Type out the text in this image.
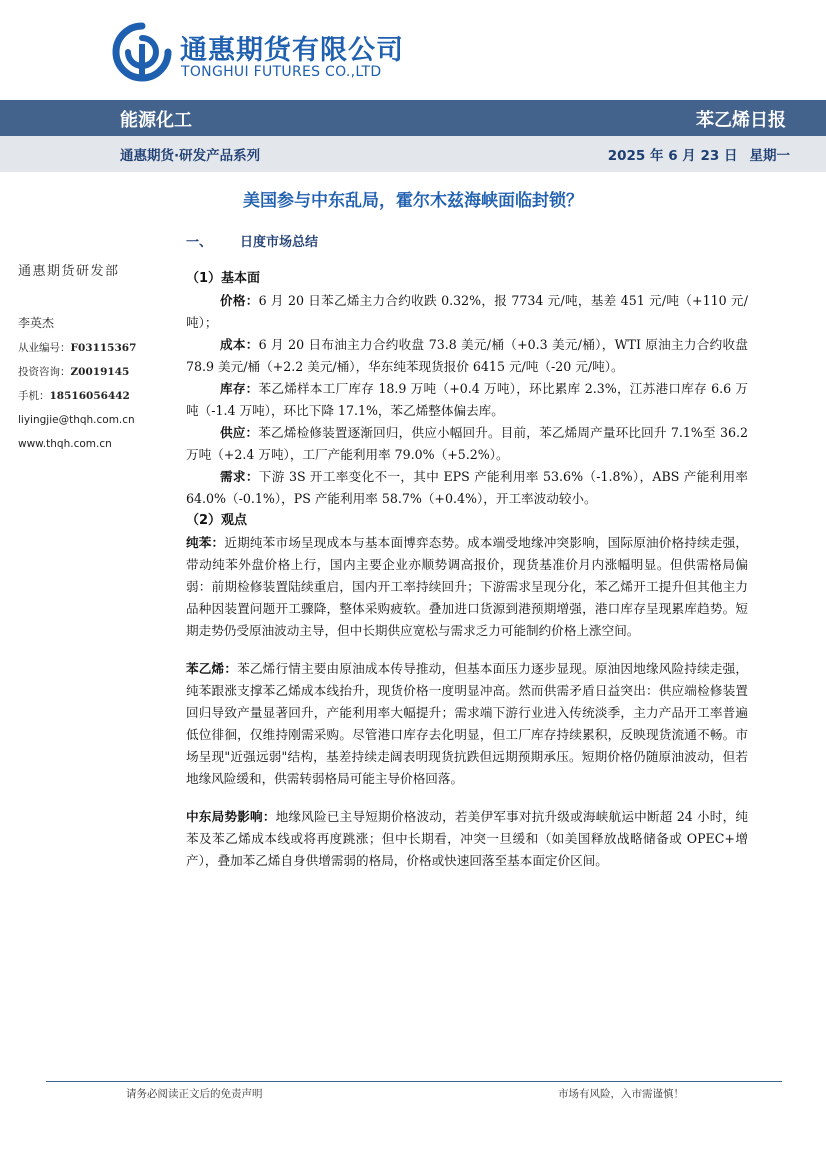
通惠期货有限公司
TONGHUI FUTURES CO.,LTD
能源化工	苯乙烯日报
通惠期货·研发产品系列	2025 年 6 月 23 日 星期一
美国参与中东乱局，霍尔木兹海峡面临封锁？
通惠期货研发部
李英杰
从业编号：F03115367
投资咨询：Z0019145
手机：18516056442
liyingjie@thqh.com.cn
www.thqh.com.cn

一、 日度市场总结

（1）基本面

价格：6 月 20 日苯乙烯主力合约收跌 0.32%，报 7734 元/吨，基差 451 元/吨（+110 元/吨）；

成本：6 月 20 日布油主力合约收盘 73.8 美元/桶（+0.3 美元/桶），WTI 原油主力合约收盘 78.9 美元/桶（+2.2 美元/桶），华东纯苯现货报价 6415 元/吨（-20 元/吨）。

库存：苯乙烯样本工厂库存 18.9 万吨（+0.4 万吨），环比累库 2.3%，江苏港口库存 6.6 万吨（-1.4 万吨），环比下降 17.1%，苯乙烯整体偏去库。

供应：苯乙烯检修装置逐渐回归，供应小幅回升。目前，苯乙烯周产量环比回升 7.1%至 36.2 万吨（+2.4 万吨），工厂产能利用率 79.0%（+5.2%）。

需求：下游 3S 开工率变化不一，其中 EPS 产能利用率 53.6%（-1.8%），ABS 产能利用率 64.0%（-0.1%），PS 产能利用率 58.7%（+0.4%），开工率波动较小。

（2）观点

纯苯：近期纯苯市场呈现成本与基本面博弈态势。成本端受地缘冲突影响，国际原油价格持续走强，带动纯苯外盘价格上行，国内主要企业亦顺势调高报价，现货基准价月内涨幅明显。但供需格局偏弱：前期检修装置陆续重启，国内开工率持续回升；下游需求呈现分化，苯乙烯开工提升但其他主力品种因装置问题开工骤降，整体采购疲软。叠加进口货源到港预期增强，港口库存呈现累库趋势。短期走势仍受原油波动主导，但中长期供应宽松与需求乏力可能制约价格上涨空间。

苯乙烯：苯乙烯行情主要由原油成本传导推动，但基本面压力逐步显现。原油因地缘风险持续走强，纯苯跟涨支撑苯乙烯成本线抬升，现货价格一度明显冲高。然而供需矛盾日益突出：供应端检修装置回归导致产量显著回升，产能利用率大幅提升；需求端下游行业进入传统淡季，主力产品开工率普遍低位徘徊，仅维持刚需采购。尽管港口库存去化明显，但工厂库存持续累积，反映现货流通不畅。市场呈现"近强远弱"结构，基差持续走阔表明现货抗跌但远期预期承压。短期价格仍随原油波动，但若地缘风险缓和，供需转弱格局可能主导价格回落。

中东局势影响：地缘风险已主导短期价格波动，若美伊军事对抗升级或海峡航运中断超 24 小时，纯苯及苯乙烯成本线或将再度跳涨；但中长期看，冲突一旦缓和（如美国释放战略储备或 OPEC+增产），叠加苯乙烯自身供增需弱的格局，价格或快速回落至基本面定价区间。

请务必阅读正文后的免责声明	市场有风险，入市需谨慎！
